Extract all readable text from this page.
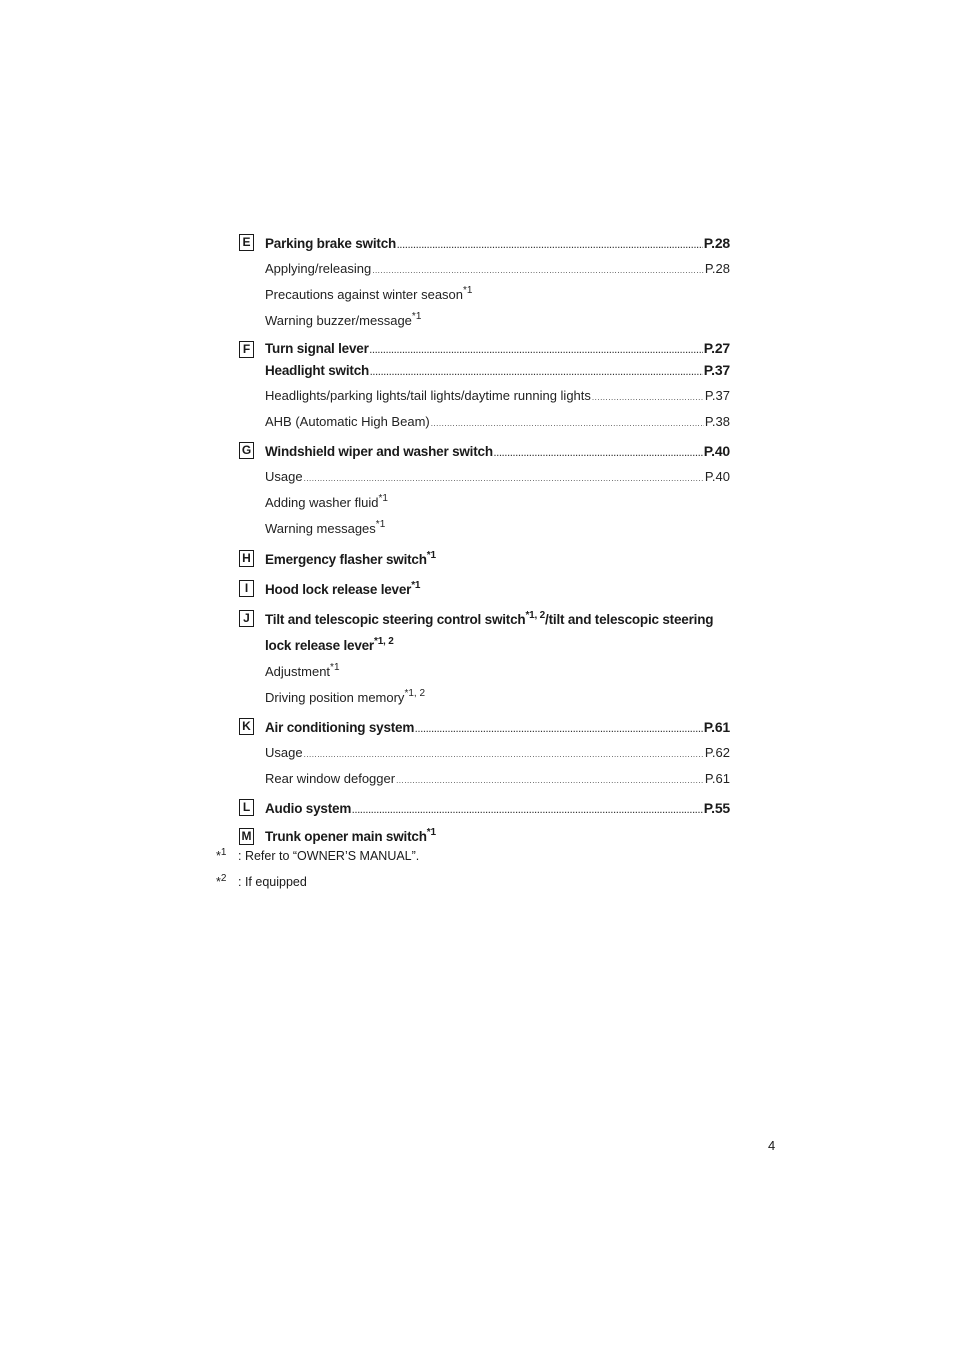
E Parking brake switch .....	P.28
Applying/releasing .....	P.28
Precautions against winter season$^{*1}$
Warning buzzer/message$^{*1}$
F Turn signal lever .....	P.27
Headlight switch .....	P.37
Headlights/parking lights/tail lights/daytime running lights .....	P.37
AHB (Automatic High Beam) .....	P.38
G Windshield wiper and washer switch .....	P.40
Usage .....	P.40
Adding washer fluid$^{*1}$
Warning messages$^{*1}$
H	Emergency flasher switch$^{*1}$
I	Hood lock release lever$^{*1}$
J	Tilt and telescopic steering control switch$^{*1, 2}$/tilt and telescopic steering lock release lever$^{*1, 2}$
Adjustment$^{*1}$
Driving position memory$^{*1, 2}$
K Air conditioning system .....	P.61
Usage .....	P.62
Rear window defogger .....	P.61
L Audio system .....	P.55
M	Trunk opener main switch$^{*1}$
*$^1$ : Refer to “OWNER’S MANUAL”.
*$^2$ : If equipped
4
